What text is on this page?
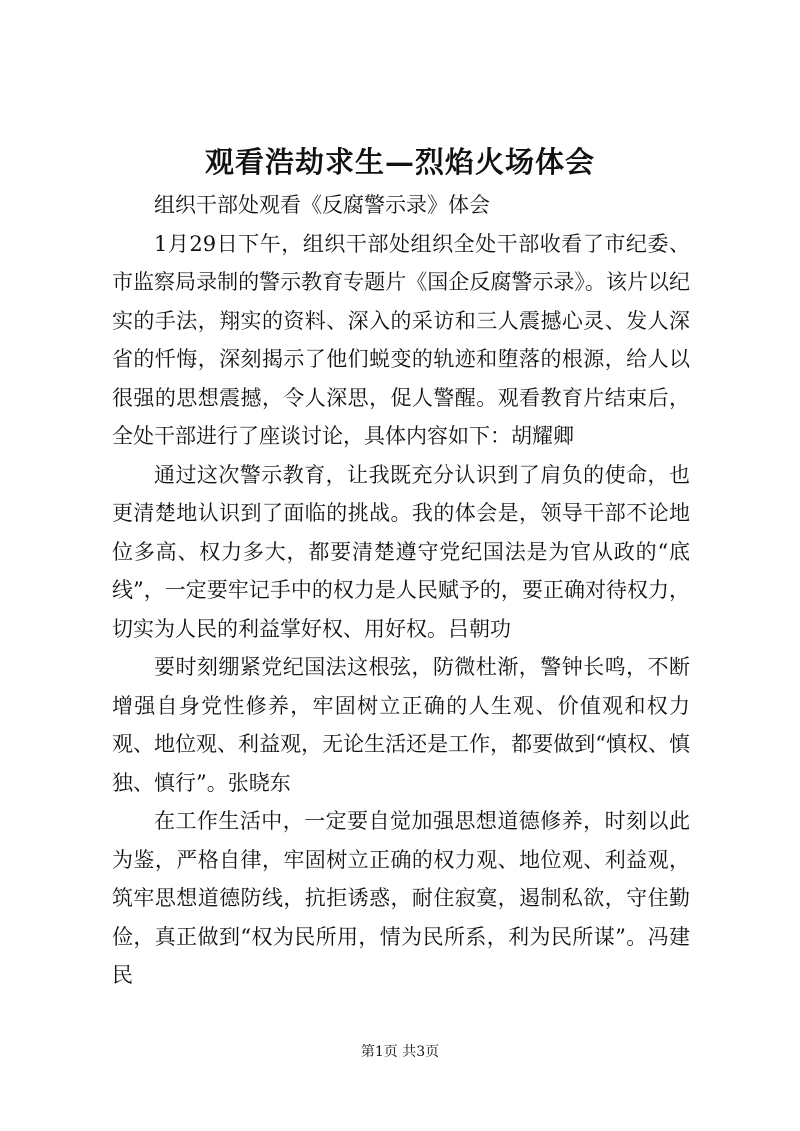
观看浩劫求生—烈焰火场体会

组织干部处观看《反腐警示录》体会

1月29日下午，组织干部处组织全处干部收看了市纪委、市监察局录制的警示教育专题片《国企反腐警示录》。该片以纪实的手法，翔实的资料、深入的采访和三人震撼心灵、发人深省的忏悔，深刻揭示了他们蜕变的轨迹和堕落的根源，给人以很强的思想震撼，令人深思，促人警醒。观看教育片结束后，全处干部进行了座谈讨论，具体内容如下：胡耀卿

通过这次警示教育，让我既充分认识到了肩负的使命，也更清楚地认识到了面临的挑战。我的体会是，领导干部不论地位多高、权力多大，都要清楚遵守党纪国法是为官从政的“底线”，一定要牢记手中的权力是人民赋予的，要正确对待权力，切实为人民的利益掌好权、用好权。吕朝功

要时刻绷紧党纪国法这根弦，防微杜渐，警钟长鸣，不断增强自身党性修养，牢固树立正确的人生观、价值观和权力观、地位观、利益观，无论生活还是工作，都要做到“慎权、慎独、慎行”。张晓东

在工作生活中，一定要自觉加强思想道德修养，时刻以此为鉴，严格自律，牢固树立正确的权力观、地位观、利益观，筑牢思想道德防线，抗拒诱惑，耐住寂寞，遏制私欲，守住勤俭，真正做到“权为民所用，情为民所系，利为民所谋”。冯建民

第1页 共3页
